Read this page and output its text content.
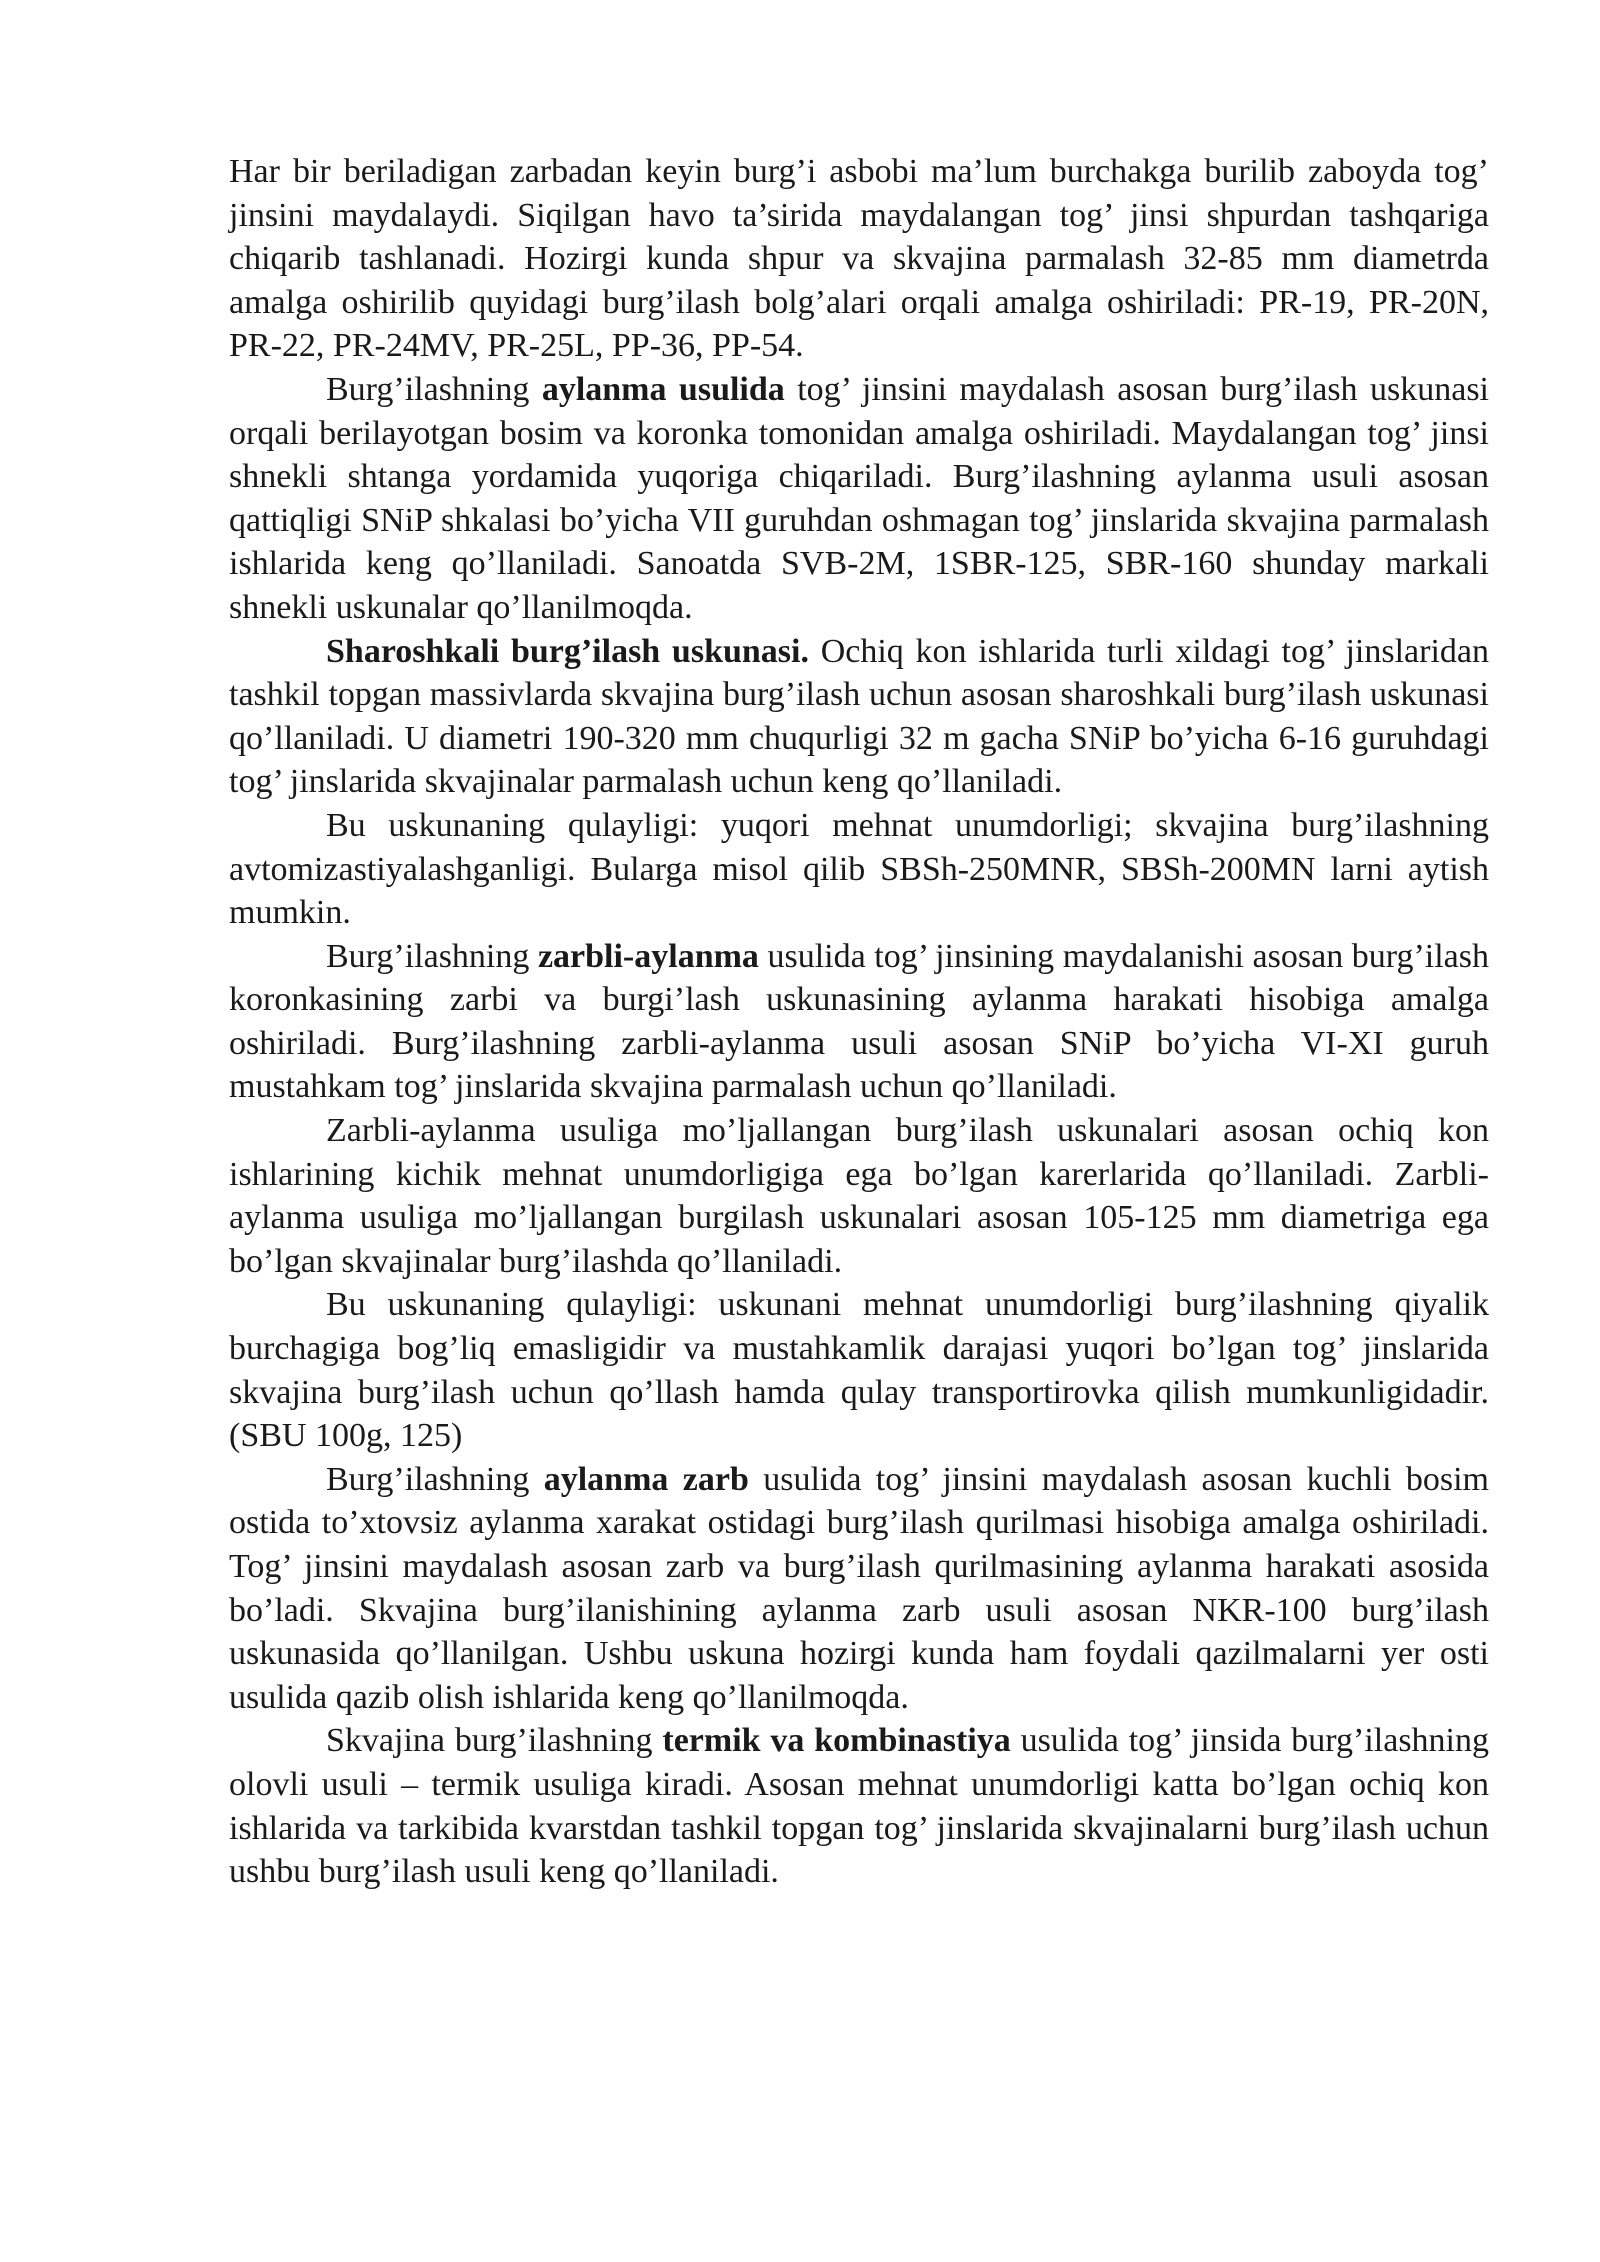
Har bir beriladigan zarbadan keyin burg’i asbobi ma’lum burchakga burilib zaboyda tog’ jinsini maydalaydi. Siqilgan havo ta’sirida maydalangan tog’ jinsi shpurdan tashqariga chiqarib tashlanadi. Hozirgi kunda shpur va skvajina parmalash 32-85 mm diametrda amalga oshirilib quyidagi burg’ilash bolg’alari orqali amalga oshiriladi: PR-19, PR-20N, PR-22, PR-24MV, PR-25L, PP-36, PP-54.

Burg’ilashning aylanma usulida tog’ jinsini maydalash asosan burg’ilash uskunasi orqali berilayotgan bosim va koronka tomonidan amalga oshiriladi. Maydalangan tog’ jinsi shnekli shtanga yordamida yuqoriga chiqariladi. Burg’ilashning aylanma usuli asosan qattiqligi SNiP shkalasi bo’yicha VII guruhdan oshmagan tog’ jinslarida skvajina parmalash ishlarida keng qo’llaniladi. Sanoatda SVB-2M, 1SBR-125, SBR-160 shunday markali shnekli uskunalar qo’llanilmoqda.

Sharoshkali burg’ilash uskunasi. Ochiq kon ishlarida turli xildagi tog’ jinslaridan tashkil topgan massivlarda skvajina burg’ilash uchun asosan sharoshkali burg’ilash uskunasi qo’llaniladi. U diametri 190-320 mm chuqurligi 32 m gacha SNiP bo’yicha 6-16 guruhdagi tog’ jinslarida skvajinalar parmalash uchun keng qo’llaniladi.

Bu uskunaning qulayligi: yuqori mehnat unumdorligi; skvajina burg’ilashning avtomizastiyalashganligi. Bularga misol qilib SBSh-250MNR, SBSh-200MN larni aytish mumkin.

Burg’ilashning zarbli-aylanma usulida tog’ jinsining maydalanishi asosan burg’ilash koronkasining zarbi va burgi’lash uskunasining aylanma harakati hisobiga amalga oshiriladi. Burg’ilashning zarbli-aylanma usuli asosan SNiP bo’yicha VI-XI guruh mustahkam tog’ jinslarida skvajina parmalash uchun qo’llaniladi.

Zarbli-aylanma usuliga mo’ljallangan burg’ilash uskunalari asosan ochiq kon ishlarining kichik mehnat unumdorligiga ega bo’lgan karerlarida qo’llaniladi. Zarbli-aylanma usuliga mo’ljallangan burgilash uskunalari asosan 105-125 mm diametriga ega bo’lgan skvajinalar burg’ilashda qo’llaniladi.

Bu uskunaning qulayligi: uskunani mehnat unumdorligi burg’ilashning qiyalik burchagiga bog’liq emasligidir va mustahkamlik darajasi yuqori bo’lgan tog’ jinslarida skvajina burg’ilash uchun qo’llash hamda qulay transportirovka qilish mumkunligidadir.(SBU 100g, 125)

Burg’ilashning aylanma zarb usulida tog’ jinsini maydalash asosan kuchli bosim ostida to’xtovsiz aylanma xarakat ostidagi burg’ilash qurilmasi hisobiga amalga oshiriladi. Tog’ jinsini maydalash asosan zarb va burg’ilash qurilmasining aylanma harakati asosida bo’ladi. Skvajina burg’ilanishining aylanma zarb usuli asosan NKR-100 burg’ilash uskunasida qo’llanilgan. Ushbu uskuna hozirgi kunda ham foydali qazilmalarni yer osti usulida qazib olish ishlarida keng qo’llanilmoqda.

Skvajina burg’ilashning termik va kombinastiya usulida tog’ jinsida burg’ilashning olovli usuli – termik usuliga kiradi. Asosan mehnat unumdorligi katta bo’lgan ochiq kon ishlarida va tarkibida kvarstdan tashkil topgan tog’ jinslarida skvajinalarni burg’ilash uchun ushbu burg’ilash usuli keng qo’llaniladi.
